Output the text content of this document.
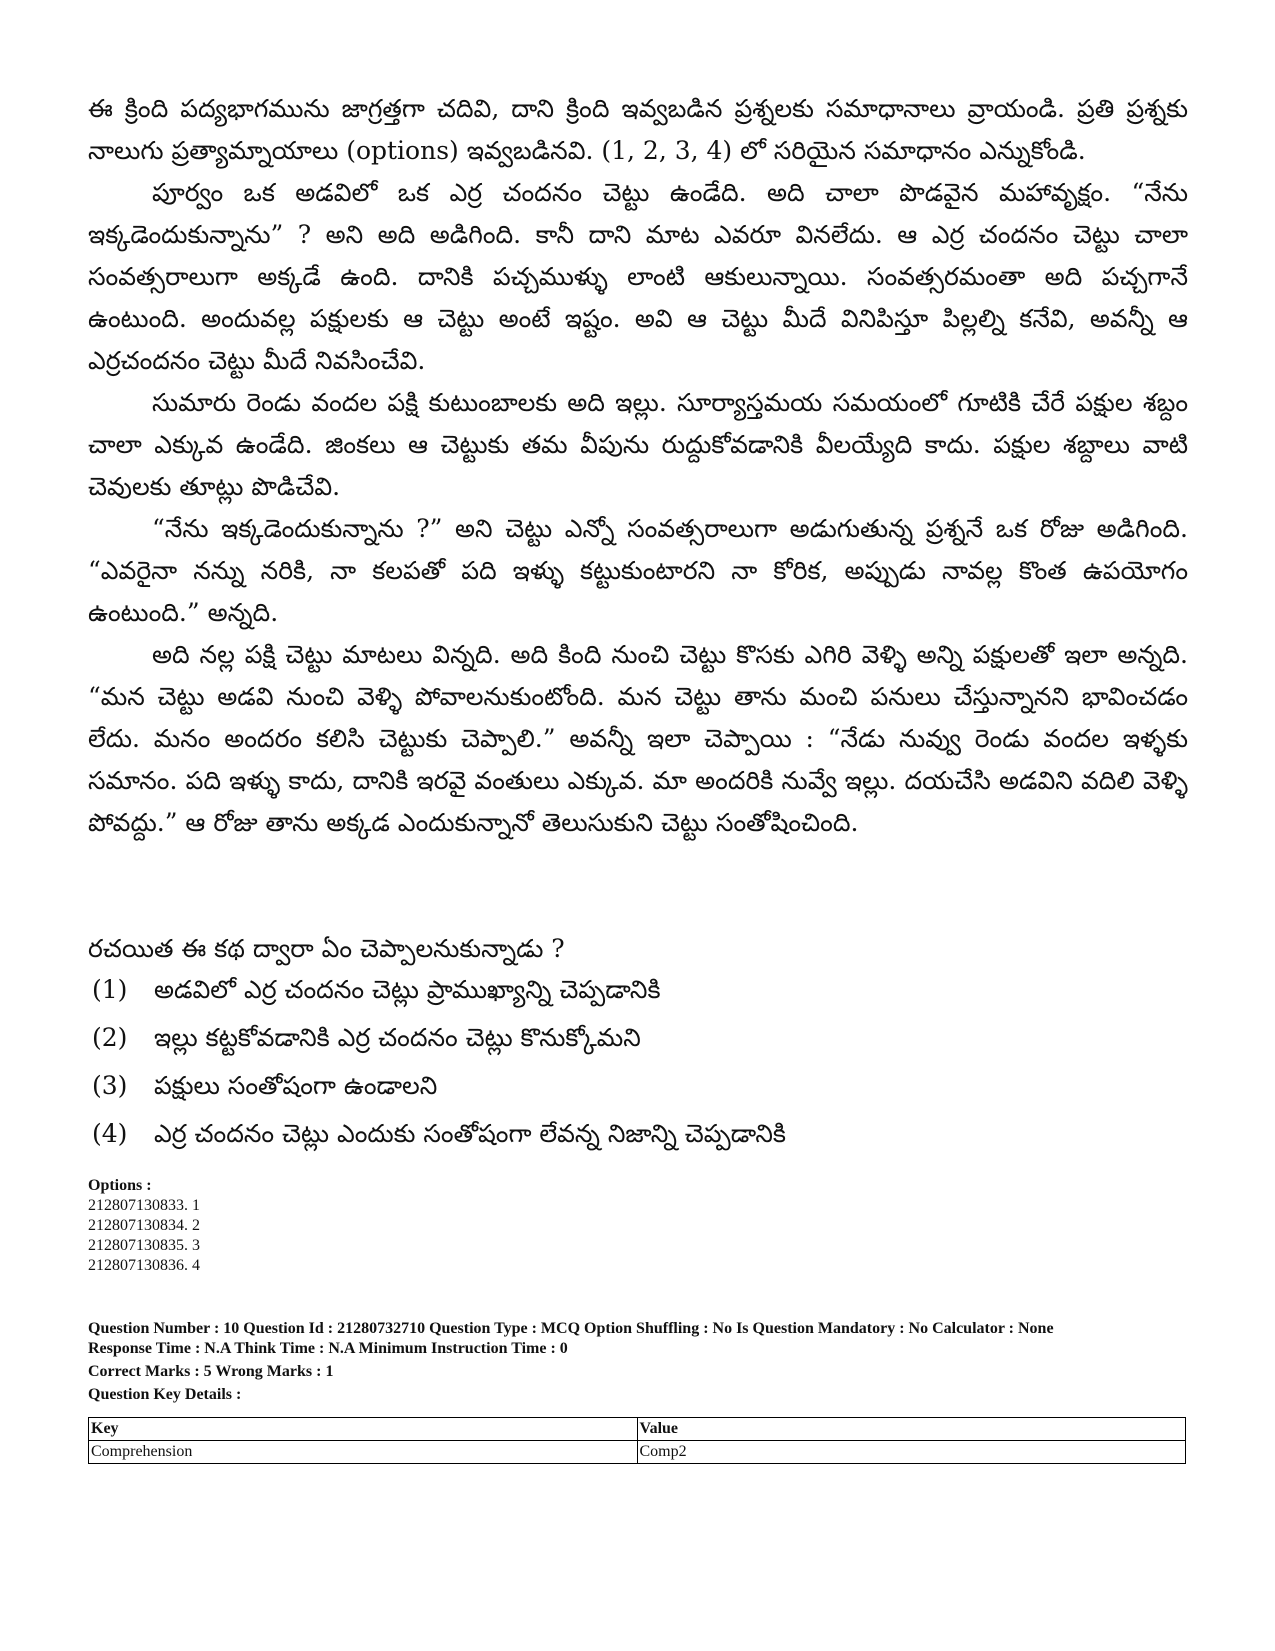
ఈ క్రింది పద్యభాగమును జాగ్రత్తగా చదివి, దాని క్రింది ఇవ్వబడిన ప్రశ్నలకు సమాధానాలు వ్రాయండి. ప్రతి ప్రశ్నకు నాలుగు ప్రత్యామ్నాయాలు (options) ఇవ్వబడినవి. (1, 2, 3, 4) లో సరియైన సమాధానం ఎన్నుకోండి.

పూర్వం ఒక అడవిలో ఒక ఎర్ర చందనం చెట్టు ఉండేది. అది చాలా పొడవైన మహావృక్షం. “నేను ఇక్కడెందుకున్నాను” ? అని అది అడిగింది. కానీ దాని మాట ఎవరూ వినలేదు. ఆ ఎర్ర చందనం చెట్టు చాలా సంవత్సరాలుగా అక్కడే ఉంది. దానికి పచ్చముళ్ళు లాంటి ఆకులున్నాయి. సంవత్సరమంతా అది పచ్చగానే ఉంటుంది. అందువల్ల పక్షులకు ఆ చెట్టు అంటే ఇష్టం. అవి ఆ చెట్టు మీదే వినిపిస్తూ పిల్లల్ని కనేవి, అవన్నీ ఆ ఎర్రచందనం చెట్టు మీదే నివసించేవి.

సుమారు రెండు వందల పక్షి కుటుంబాలకు అది ఇల్లు. సూర్యాస్తమయ సమయంలో గూటికి చేరే పక్షుల శబ్దం చాలా ఎక్కువ ఉండేది. జింకలు ఆ చెట్టుకు తమ వీపును రుద్దుకోవడానికి వీలయ్యేది కాదు. పక్షుల శబ్దాలు వాటి చెవులకు తూట్లు పొడిచేవి.

“నేను ఇక్కడెందుకున్నాను ?” అని చెట్టు ఎన్నో సంవత్సరాలుగా అడుగుతున్న ప్రశ్ననే ఒక రోజు అడిగింది. “ఎవరైనా నన్ను నరికి, నా కలపతో పది ఇళ్ళు కట్టుకుంటారని నా కోరిక, అప్పుడు నావల్ల కొంత ఉపయోగం ఉంటుంది.” అన్నది.

అది నల్ల పక్షి చెట్టు మాటలు విన్నది. అది కింది నుంచి చెట్టు కొసకు ఎగిరి వెళ్ళి అన్ని పక్షులతో ఇలా అన్నది. “మన చెట్టు అడవి నుంచి వెళ్ళి పోవాలనుకుంటోంది. మన చెట్టు తాను మంచి పనులు చేస్తున్నానని భావించడం లేదు. మనం అందరం కలిసి చెట్టుకు చెప్పాలి.” అవన్నీ ఇలా చెప్పాయి : “నేడు నువ్వు రెండు వందల ఇళ్ళకు సమానం. పది ఇళ్ళు కాదు, దానికి ఇరవై వంతులు ఎక్కువ. మా అందరికి నువ్వే ఇల్లు. దయచేసి అడవిని వదిలి వెళ్ళి పోవద్దు.” ఆ రోజు తాను అక్కడ ఎందుకున్నానో తెలుసుకుని చెట్టు సంతోషించింది.

రచయిత ఈ కథ ద్వారా ఏం చెప్పాలనుకున్నాడు ?
(1)	అడవిలో ఎర్ర చందనం చెట్లు ప్రాముఖ్యాన్ని చెప్పడానికి
(2)	ఇల్లు కట్టకోవడానికి ఎర్ర చందనం చెట్లు కొనుక్కోమని
(3)	పక్షులు సంతోషంగా ఉండాలని
(4)	ఎర్ర చందనం చెట్లు ఎందుకు సంతోషంగా లేవన్న నిజాన్ని చెప్పడానికి
Options :
212807130833. 1
212807130834. 2
212807130835. 3
212807130836. 4
Question Number : 10 Question Id : 21280732710 Question Type : MCQ Option Shuffling : No Is Question Mandatory : No Calculator : None
Response Time : N.A Think Time : N.A Minimum Instruction Time : 0
Correct Marks : 5 Wrong Marks : 1
Question Key Details :
Key	Value
Comprehension	Comp2
